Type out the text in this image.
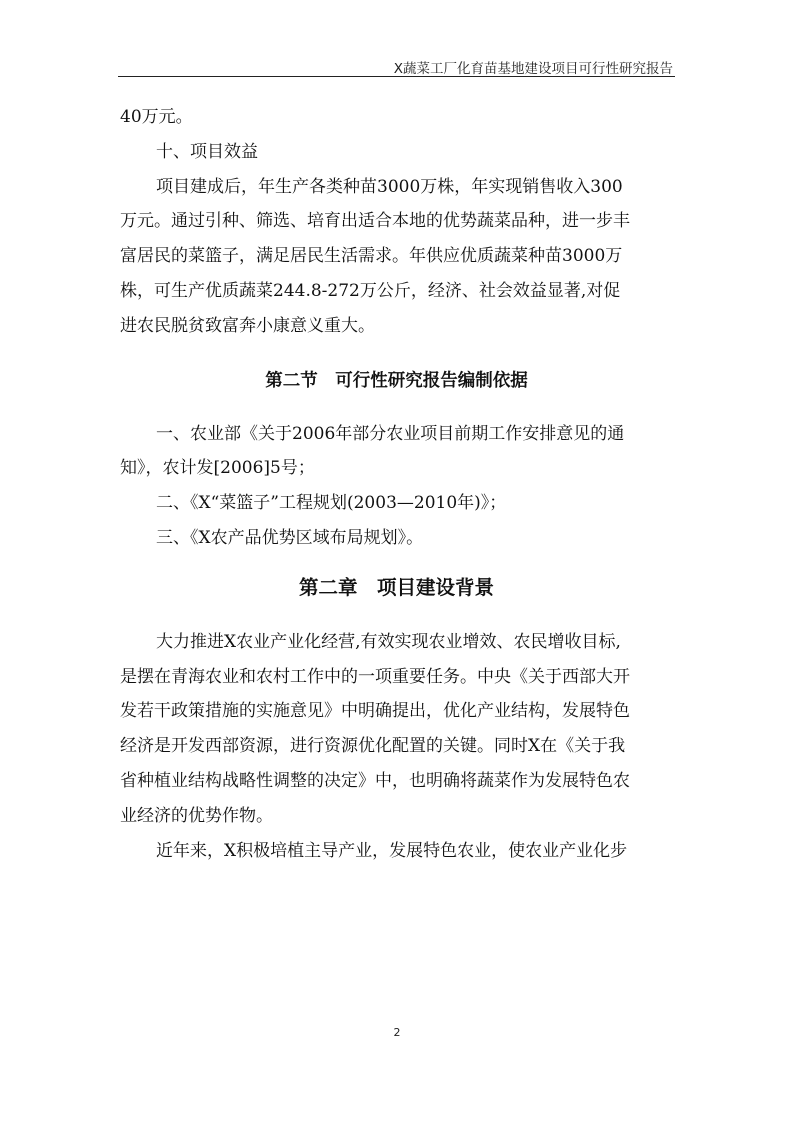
X蔬菜工厂化育苗基地建设项目可行性研究报告

40万元。

十、项目效益

项目建成后，年生产各类种苗3000万株，年实现销售收入300

万元。通过引种、筛选、培育出适合本地的优势蔬菜品种，进一步丰

富居民的菜篮子，满足居民生活需求。年供应优质蔬菜种苗3000万

株，可生产优质蔬菜244.8-272万公斤，经济、社会效益显著,对促

进农民脱贫致富奔小康意义重大。

第二节　可行性研究报告编制依据

一、农业部《关于2006年部分农业项目前期工作安排意见的通

知》，农计发[2006]5号；

二、《X“菜篮子”工程规划(2003—2010年)》；

三、《X农产品优势区域布局规划》。

第二章　项目建设背景

大力推进X农业产业化经营,有效实现农业增效、农民增收目标,

是摆在青海农业和农村工作中的一项重要任务。中央《关于西部大开

发若干政策措施的实施意见》中明确提出，优化产业结构，发展特色

经济是开发西部资源，进行资源优化配置的关键。同时X在《关于我

省种植业结构战略性调整的决定》中，也明确将蔬菜作为发展特色农

业经济的优势作物。

近年来，X积极培植主导产业，发展特色农业，使农业产业化步

2
